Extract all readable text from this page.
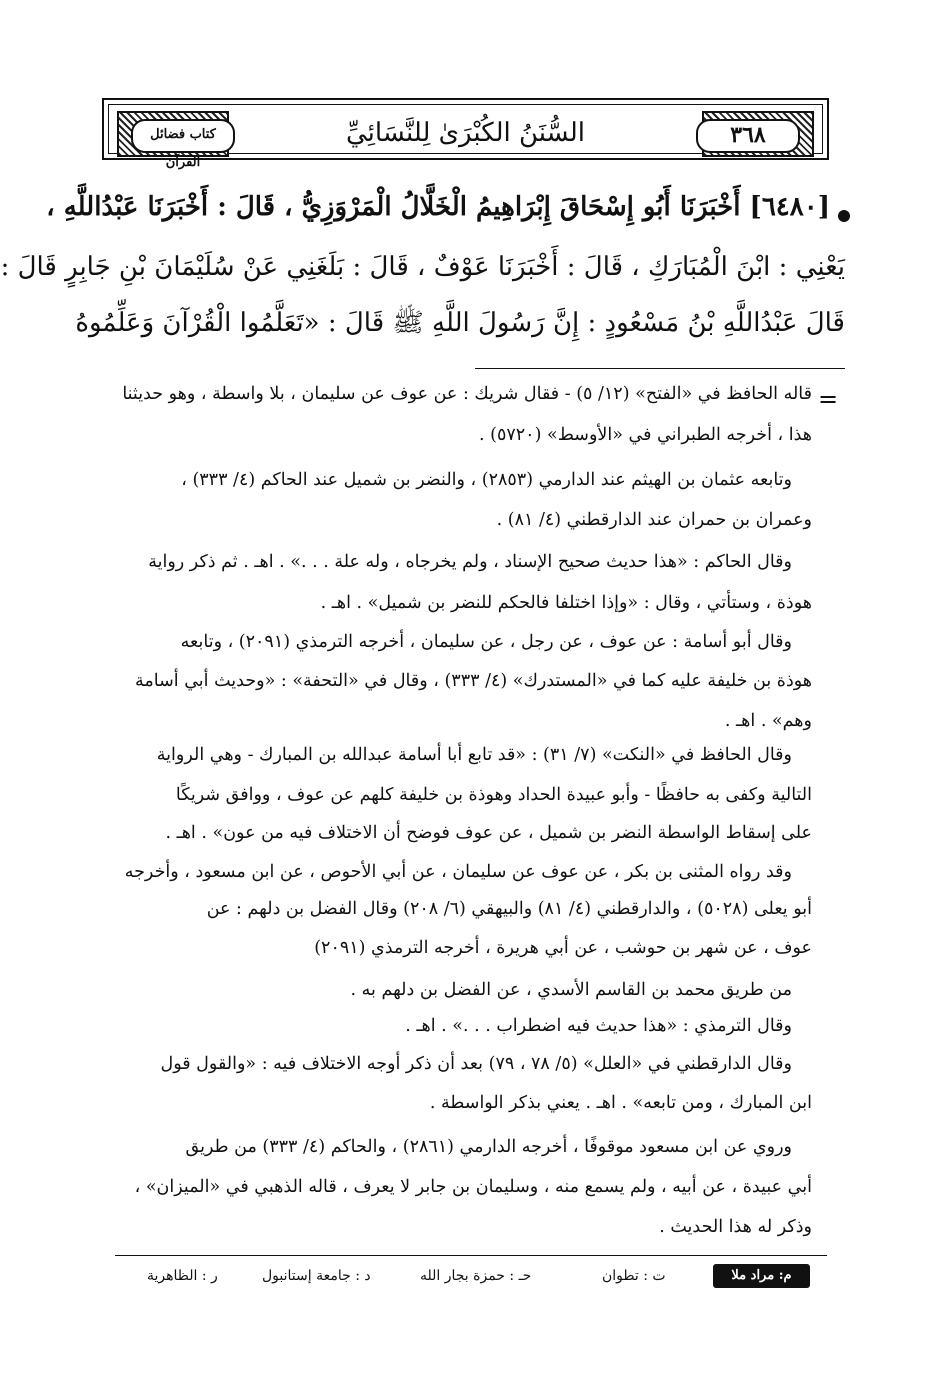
كتاب فضائل القرآن
السُّنَنُ الكُبْرَىٰ لِلنَّسَائِيِّ	٣٦٨
[٦٤٨٠] أَخْبَرَنَا أَبُو إِسْحَاقَ إِبْرَاهِيمُ الْخَلَّالُ الْمَرْوَزِيُّ ، قَالَ : أَخْبَرَنَا عَبْدُاللَّهِ ،
يَعْنِي : ابْنَ الْمُبَارَكِ ، قَالَ : أَخْبَرَنَا عَوْفٌ ، قَالَ : بَلَغَنِي عَنْ سُلَيْمَانَ بْنِ جَابِرٍ قَالَ :
قَالَ عَبْدُاللَّهِ بْنُ مَسْعُودٍ : إِنَّ رَسُولَ اللَّهِ ﷺ قَالَ : «تَعَلَّمُوا الْقُرْآنَ وَعَلِّمُوهُ
=
قاله الحافظ في «الفتح» (١٢/ ٥) - فقال شريك : عن عوف عن سليمان ، بلا واسطة ، وهو حديثنا
هذا ، أخرجه الطبراني في «الأوسط» (٥٧٢٠) .
وتابعه عثمان بن الهيثم عند الدارمي (٢٨٥٣) ، والنضر بن شميل عند الحاكم (٤/ ٣٣٣) ،
وعمران بن حمران عند الدارقطني (٤/ ٨١) .
وقال الحاكم : «هذا حديث صحيح الإسناد ، ولم يخرجاه ، وله علة . . .» . اهـ . ثم ذكر رواية
هوذة ، وستأتي ، وقال : «وإذا اختلفا فالحكم للنضر بن شميل» . اهـ .
وقال أبو أسامة : عن عوف ، عن رجل ، عن سليمان ، أخرجه الترمذي (٢٠٩١) ، وتابعه
هوذة بن خليفة عليه كما في «المستدرك» (٤/ ٣٣٣) ، وقال في «التحفة» : «وحديث أبي أسامة
وهم» . اهـ .
وقال الحافظ في «النكت» (٧/ ٣١) : «قد تابع أبا أسامة عبدالله بن المبارك - وهي الرواية
التالية وكفى به حافظًا - وأبو عبيدة الحداد وهوذة بن خليفة كلهم عن عوف ، ووافق شريكًا
على إسقاط الواسطة النضر بن شميل ، عن عوف فوضح أن الاختلاف فيه من عون» . اهـ .
وقد رواه المثنى بن بكر ، عن عوف عن سليمان ، عن أبي الأحوص ، عن ابن مسعود ، وأخرجه
أبو يعلى (٥٠٢٨) ، والدارقطني (٤/ ٨١) والبيهقي (٦/ ٢٠٨) وقال الفضل بن دلهم : عن
عوف ، عن شهر بن حوشب ، عن أبي هريرة ، أخرجه الترمذي (٢٠٩١)
من طريق محمد بن القاسم الأسدي ، عن الفضل بن دلهم به .
وقال الترمذي : «هذا حديث فيه اضطراب . . .» . اهـ .
وقال الدارقطني في «العلل» (٥/ ٧٨ ، ٧٩) بعد أن ذكر أوجه الاختلاف فيه : «والقول قول
ابن المبارك ، ومن تابعه» . اهـ . يعني بذكر الواسطة .
وروي عن ابن مسعود موقوفًا ، أخرجه الدارمي (٢٨٦١) ، والحاكم (٤/ ٣٣٣) من طريق
أبي عبيدة ، عن أبيه ، ولم يسمع منه ، وسليمان بن جابر لا يعرف ، قاله الذهبي في «الميزان» ،
وذكر له هذا الحديث .
م: مراد ملا
ت : تطوان
حـ : حمزة بجار الله
د : جامعة إستانبول
ر : الظاهرية
